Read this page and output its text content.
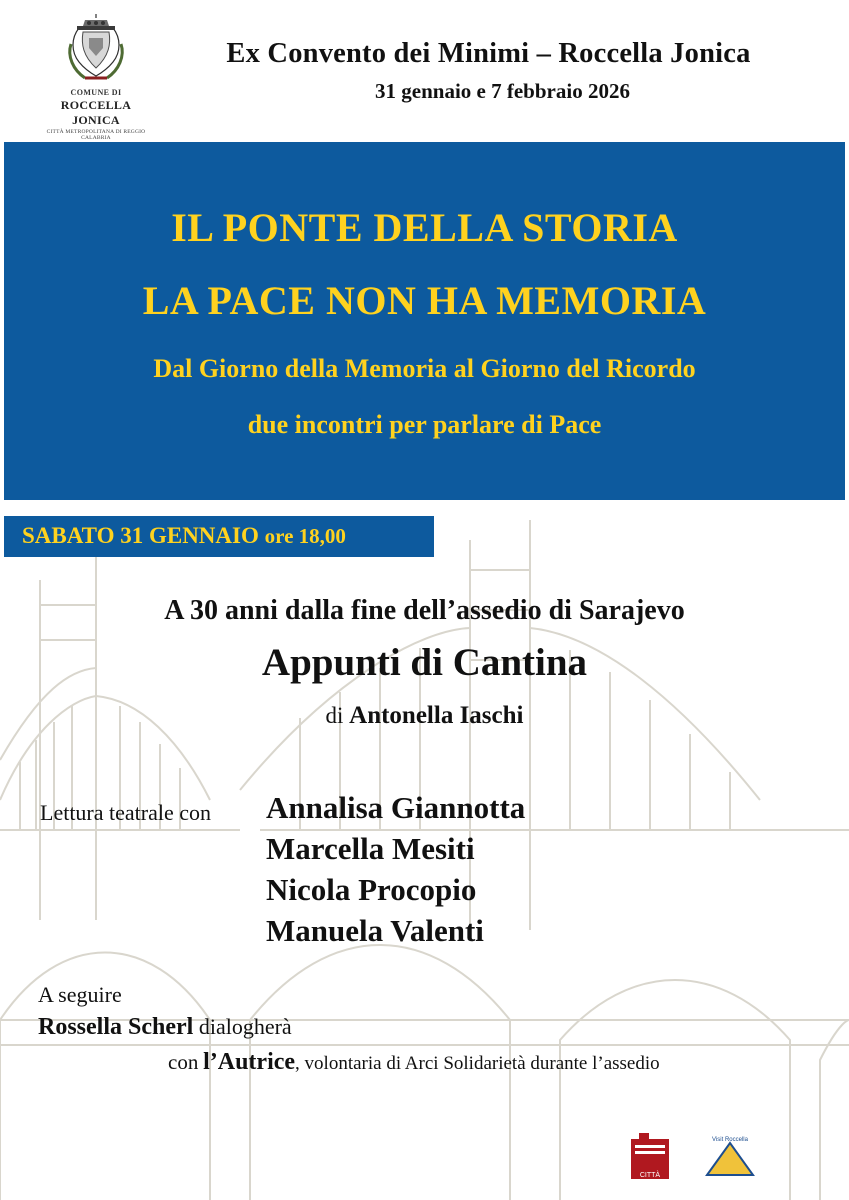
COMUNE DI
ROCCELLA JONICA
CITTÀ METROPOLITANA DI REGGIO CALABRIA
Ex Convento dei Minimi – Roccella Jonica
31 gennaio e 7 febbraio 2026
IL PONTE DELLA STORIA
LA PACE NON HA MEMORIA
Dal Giorno della Memoria al Giorno del Ricordo
due incontri per parlare di Pace
SABATO 31 GENNAIO ore 18,00
A 30 anni dalla fine dell’assedio di Sarajevo
Appunti di Cantina
di Antonella Iaschi
Lettura teatrale con Annalisa Giannotta
Marcella Mesiti
Nicola Procopio
Manuela Valenti
A seguire
Rossella Scherl dialogherà
con l’Autrice, volontaria di Arci Solidarietà durante l’assedio
CITTÀ
Visit Roccella
